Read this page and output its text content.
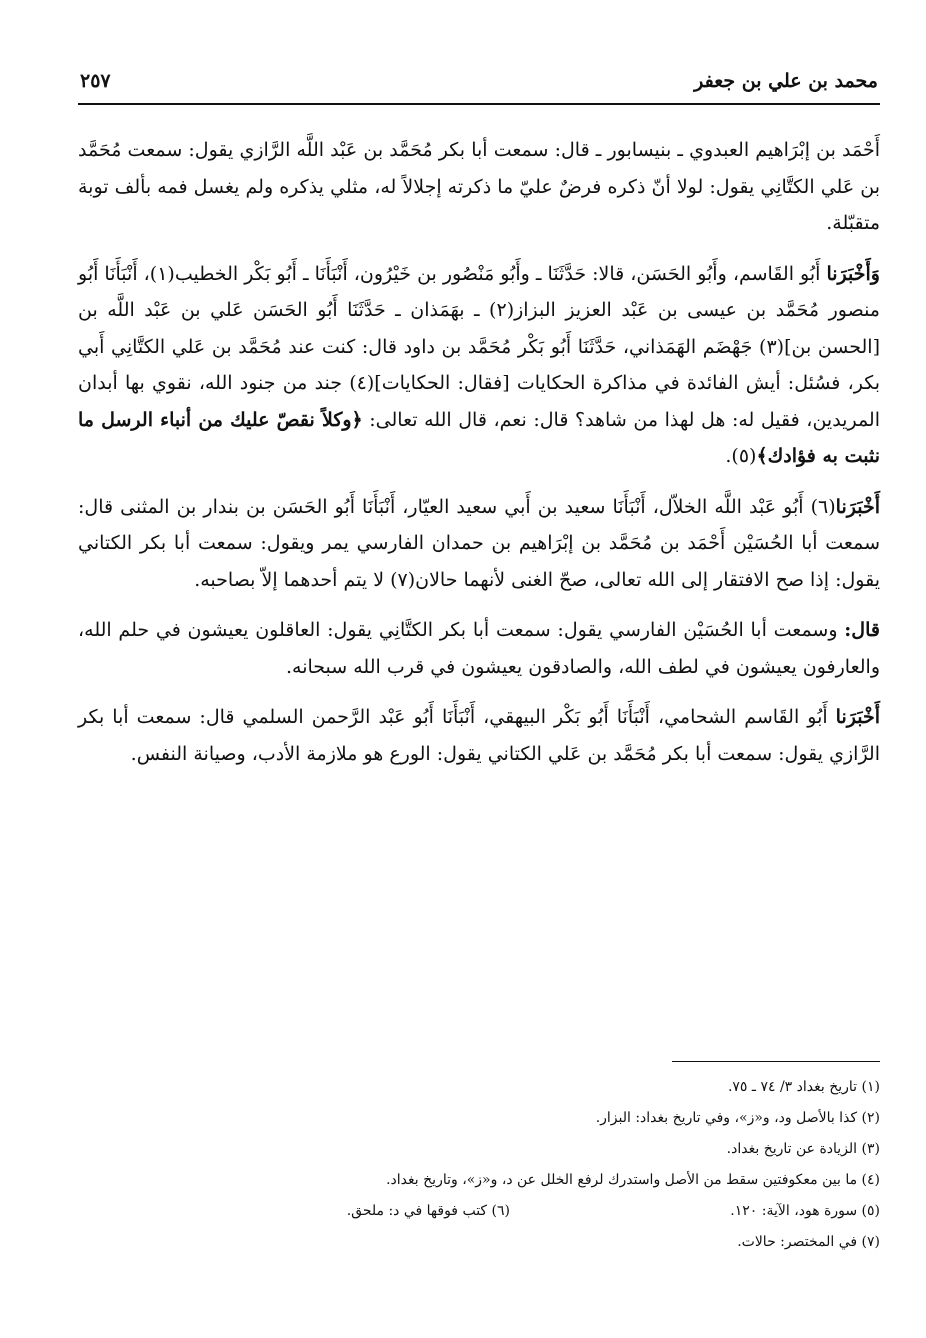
محمد بن علي بن جعفر
٢٥٧

أَحْمَد بن إبْرَاهيم العبدوي ـ بنيسابور ـ قال: سمعت أبا بكر مُحَمَّد بن عَبْد اللَّه الرَّازي يقول: سمعت مُحَمَّد بن عَلي الكتَّانِي يقول: لولا أنّ ذكره فرضٌ عليّ ما ذكرته إجلالاً له، مثلي يذكره ولم يغسل فمه بألف توبة متقبّلة.

وَأَخْبَرَنا أَبُو القَاسم، وأَبُو الحَسَن، قالا: حَدَّثَنَا ـ وأَبُو مَنْصُور بن خَيْرُون، أَنْبَأَنَا ـ أَبُو بَكْر الخطيب(١)، أَنْبَأَنَا أَبُو منصور مُحَمَّد بن عيسى بن عَبْد العزيز البزاز(٢) ـ بهَمَذان ـ حَدَّثَنَا أَبُو الحَسَن عَلي بن عَبْد اللَّه بن [الحسن بن](٣) جَهْضَم الهَمَذاني، حَدَّثَنَا أَبُو بَكْر مُحَمَّد بن داود قال: كنت عند مُحَمَّد بن عَلي الكتَّانِي أَبي بكر، فسُئل: أيش الفائدة في مذاكرة الحكايات [فقال: الحكايات](٤) جند من جنود الله، نقوي بها أبدان المريدين، فقيل له: هل لهذا من شاهد؟ قال: نعم، قال الله تعالى: ﴿وكلاً نقصّ عليك من أنباء الرسل ما نثبت به فؤادك﴾(٥).

أَخْبَرَنا(٦) أَبُو عَبْد اللَّه الخلاّل، أَنْبَأَنَا سعيد بن أَبي سعيد العيّار، أَنْبَأَنَا أَبُو الحَسَن بن بندار بن المثنى قال: سمعت أبا الحُسَيْن أَحْمَد بن مُحَمَّد بن إبْرَاهيم بن حمدان الفارسي يمر ويقول: سمعت أبا بكر الكتاني يقول: إذا صح الافتقار إلى الله تعالى، صحّ الغنى لأنهما حالان(٧) لا يتم أحدهما إلاّ بصاحبه.

قال: وسمعت أبا الحُسَيْن الفارسي يقول: سمعت أبا بكر الكتَّانِي يقول: العاقلون يعيشون في حلم الله، والعارفون يعيشون في لطف الله، والصادقون يعيشون في قرب الله سبحانه.

أَخْبَرَنا أَبُو القَاسم الشحامي، أَنْبَأَنَا أَبُو بَكْر البيهقي، أَنْبَأَنَا أَبُو عَبْد الرَّحمن السلمي قال: سمعت أبا بكر الرَّازي يقول: سمعت أبا بكر مُحَمَّد بن عَلي الكتاني يقول: الورع هو ملازمة الأدب، وصيانة النفس.

(١) تاريخ بغداد ٣/ ٧٤ ـ ٧٥.
(٢) كذا بالأصل ود، و«ز»، وفي تاريخ بغداد: البزار.
(٣) الزيادة عن تاريخ بغداد.
(٤) ما بين معكوفتين سقط من الأصل واستدرك لرفع الخلل عن د، و«ز»، وتاريخ بغداد.
(٥) سورة هود، الآية: ١٢٠.
(٦) كتب فوقها في د: ملحق.
(٧) في المختصر: حالات.
